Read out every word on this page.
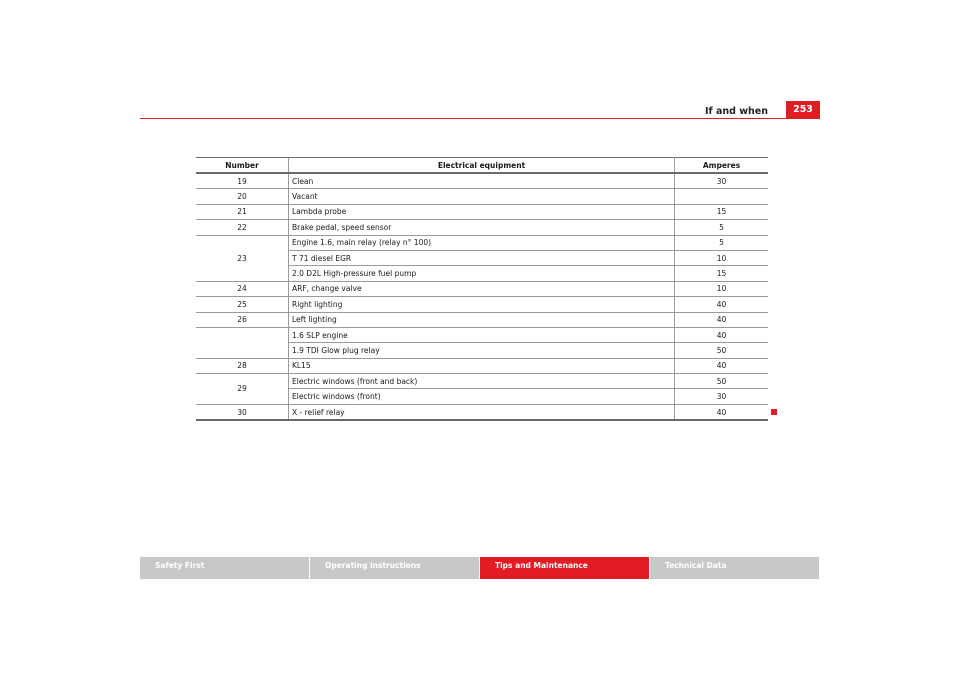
If and when	253
Number	Electrical equipment	Amperes
19	Clean	30
20	Vacant	
21	Lambda probe	15
22	Brake pedal, speed sensor	5
23	Engine 1.6, main relay (relay n° 100)	5
	T 71 diesel EGR	10
	2.0 D2L High-pressure fuel pump	15
24	ARF, change valve	10
25	Right lighting	40
26	Left lighting	40
	1.6 SLP engine	40
	1.9 TDI Glow plug relay	50
28	KL15	40
29	Electric windows (front and back)	50
	Electric windows (front)	30
30	X - relief relay	40
Safety First	Operating instructions	Tips and Maintenance	Technical Data
